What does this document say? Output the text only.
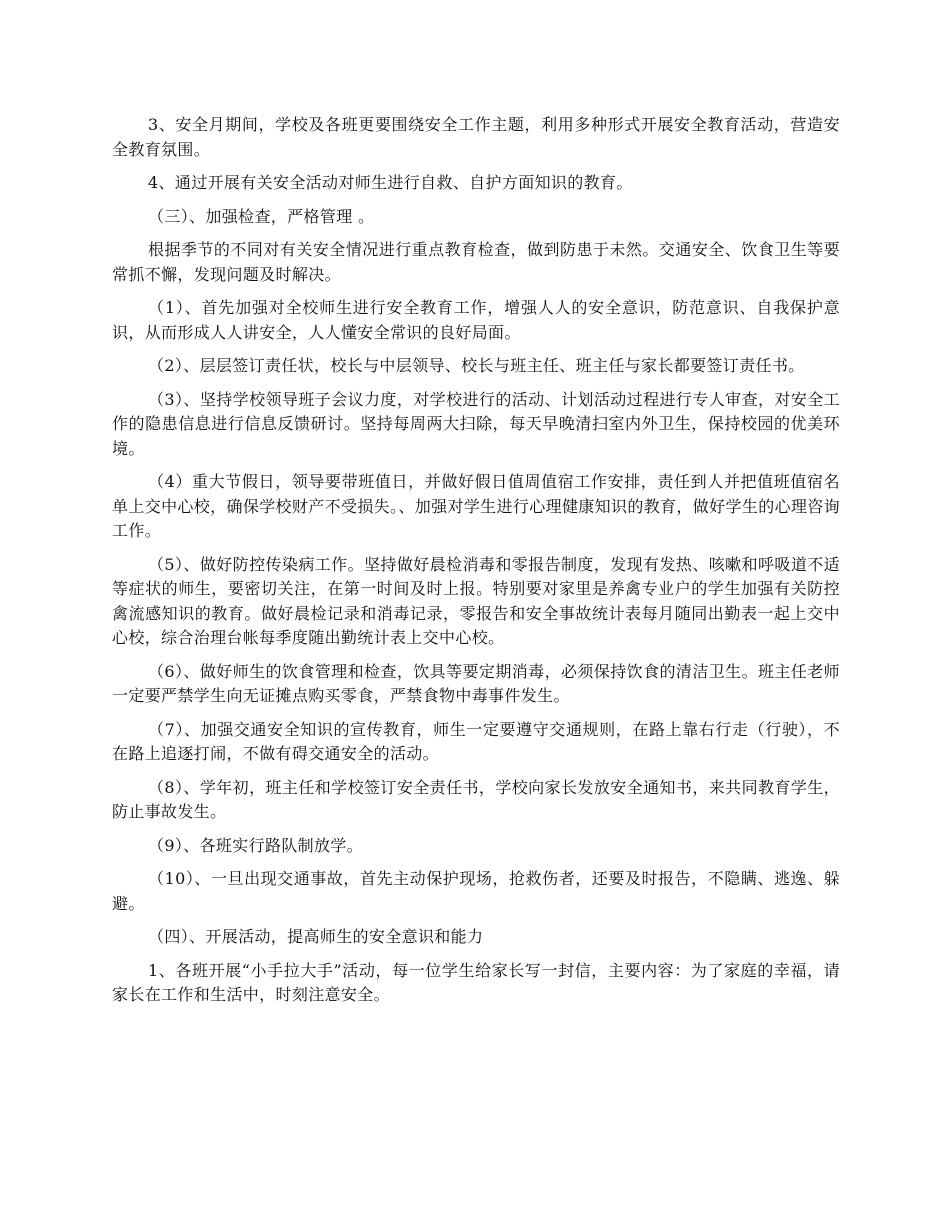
3、安全月期间，学校及各班更要围绕安全工作主题，利用多种形式开展安全教育活动，营造安全教育氛围。

4、通过开展有关安全活动对师生进行自救、自护方面知识的教育。

（三）、加强检查，严格管理 。

根据季节的不同对有关安全情况进行重点教育检查，做到防患于未然。交通安全、饮食卫生等要常抓不懈，发现问题及时解决。

（1）、首先加强对全校师生进行安全教育工作，增强人人的安全意识，防范意识、自我保护意识，从而形成人人讲安全，人人懂安全常识的良好局面。

（2）、层层签订责任状，校长与中层领导、校长与班主任、班主任与家长都要签订责任书。

（3）、坚持学校领导班子会议力度，对学校进行的活动、计划活动过程进行专人审查，对安全工作的隐患信息进行信息反馈研讨。坚持每周两大扫除，每天早晚清扫室内外卫生，保持校园的优美环境。

（4）重大节假日，领导要带班值日，并做好假日值周值宿工作安排，责任到人并把值班值宿名单上交中心校，确保学校财产不受损失。、加强对学生进行心理健康知识的教育，做好学生的心理咨询工作。

（5）、做好防控传染病工作。坚持做好晨检消毒和零报告制度，发现有发热、咳嗽和呼吸道不适等症状的师生，要密切关注，在第一时间及时上报。特别要对家里是养禽专业户的学生加强有关防控禽流感知识的教育。做好晨检记录和消毒记录，零报告和安全事故统计表每月随同出勤表一起上交中心校，综合治理台帐每季度随出勤统计表上交中心校。

（6）、做好师生的饮食管理和检查，饮具等要定期消毒，必须保持饮食的清洁卫生。班主任老师一定要严禁学生向无证摊点购买零食，严禁食物中毒事件发生。

（7）、加强交通安全知识的宣传教育，师生一定要遵守交通规则，在路上靠右行走（行驶），不在路上追逐打闹，不做有碍交通安全的活动。

（8）、学年初，班主任和学校签订安全责任书，学校向家长发放安全通知书，来共同教育学生，防止事故发生。

（9）、各班实行路队制放学。

（10）、一旦出现交通事故，首先主动保护现场，抢救伤者，还要及时报告，不隐瞒、逃逸、躲避。

（四）、开展活动，提高师生的安全意识和能力

1、各班开展“小手拉大手”活动，每一位学生给家长写一封信，主要内容：为了家庭的幸福，请家长在工作和生活中，时刻注意安全。
